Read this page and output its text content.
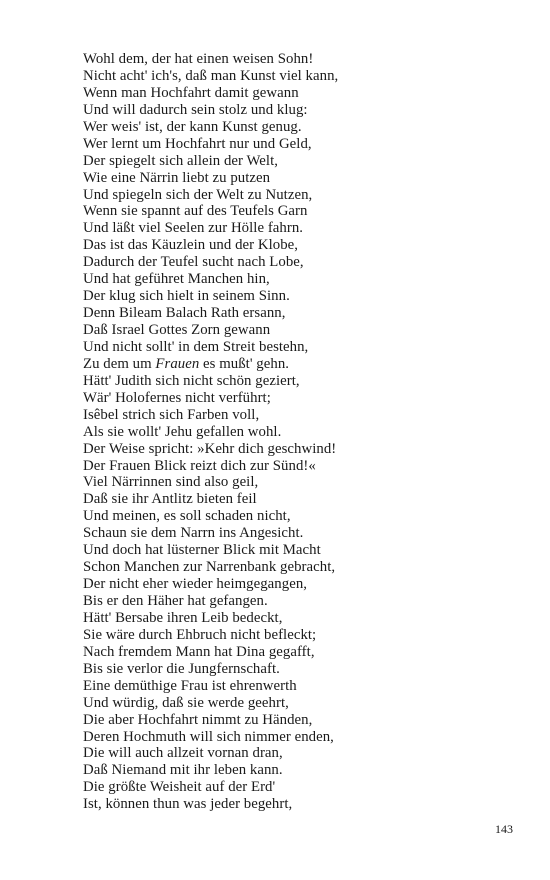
Wohl dem, der hat einen weisen Sohn!
Nicht acht' ich's, daß man Kunst viel kann,
Wenn man Hochfahrt damit gewann
Und will dadurch sein stolz und klug:
Wer weis' ist, der kann Kunst genug.
Wer lernt um Hochfahrt nur und Geld,
Der spiegelt sich allein der Welt,
Wie eine Närrin liebt zu putzen
Und spiegeln sich der Welt zu Nutzen,
Wenn sie spannt auf des Teufels Garn
Und läßt viel Seelen zur Hölle fahrn.
Das ist das Käuzlein und der Klobe,
Dadurch der Teufel sucht nach Lobe,
Und hat geführet Manchen hin,
Der klug sich hielt in seinem Sinn.
Denn Bileam Balach Rath ersann,
Daß Israel Gottes Zorn gewann
Und nicht sollt' in dem Streit bestehn,
Zu dem um Frauen es mußt' gehn.
Hätt' Judith sich nicht schön geziert,
Wär' Holofernes nicht verführt;
Isêbel strich sich Farben voll,
Als sie wollt' Jehu gefallen wohl.
Der Weise spricht: »Kehr dich geschwind!
Der Frauen Blick reizt dich zur Sünd!«
Viel Närrinnen sind also geil,
Daß sie ihr Antlitz bieten feil
Und meinen, es soll schaden nicht,
Schaun sie dem Narrn ins Angesicht.
Und doch hat lüsterner Blick mit Macht
Schon Manchen zur Narrenbank gebracht,
Der nicht eher wieder heimgegangen,
Bis er den Häher hat gefangen.
Hätt' Bersabe ihren Leib bedeckt,
Sie wäre durch Ehbruch nicht befleckt;
Nach fremdem Mann hat Dina gegafft,
Bis sie verlor die Jungfernschaft.
Eine demüthige Frau ist ehrenwerth
Und würdig, daß sie werde geehrt,
Die aber Hochfahrt nimmt zu Händen,
Deren Hochmuth will sich nimmer enden,
Die will auch allzeit vornan dran,
Daß Niemand mit ihr leben kann.
Die größte Weisheit auf der Erd'
Ist, können thun was jeder begehrt,
143
